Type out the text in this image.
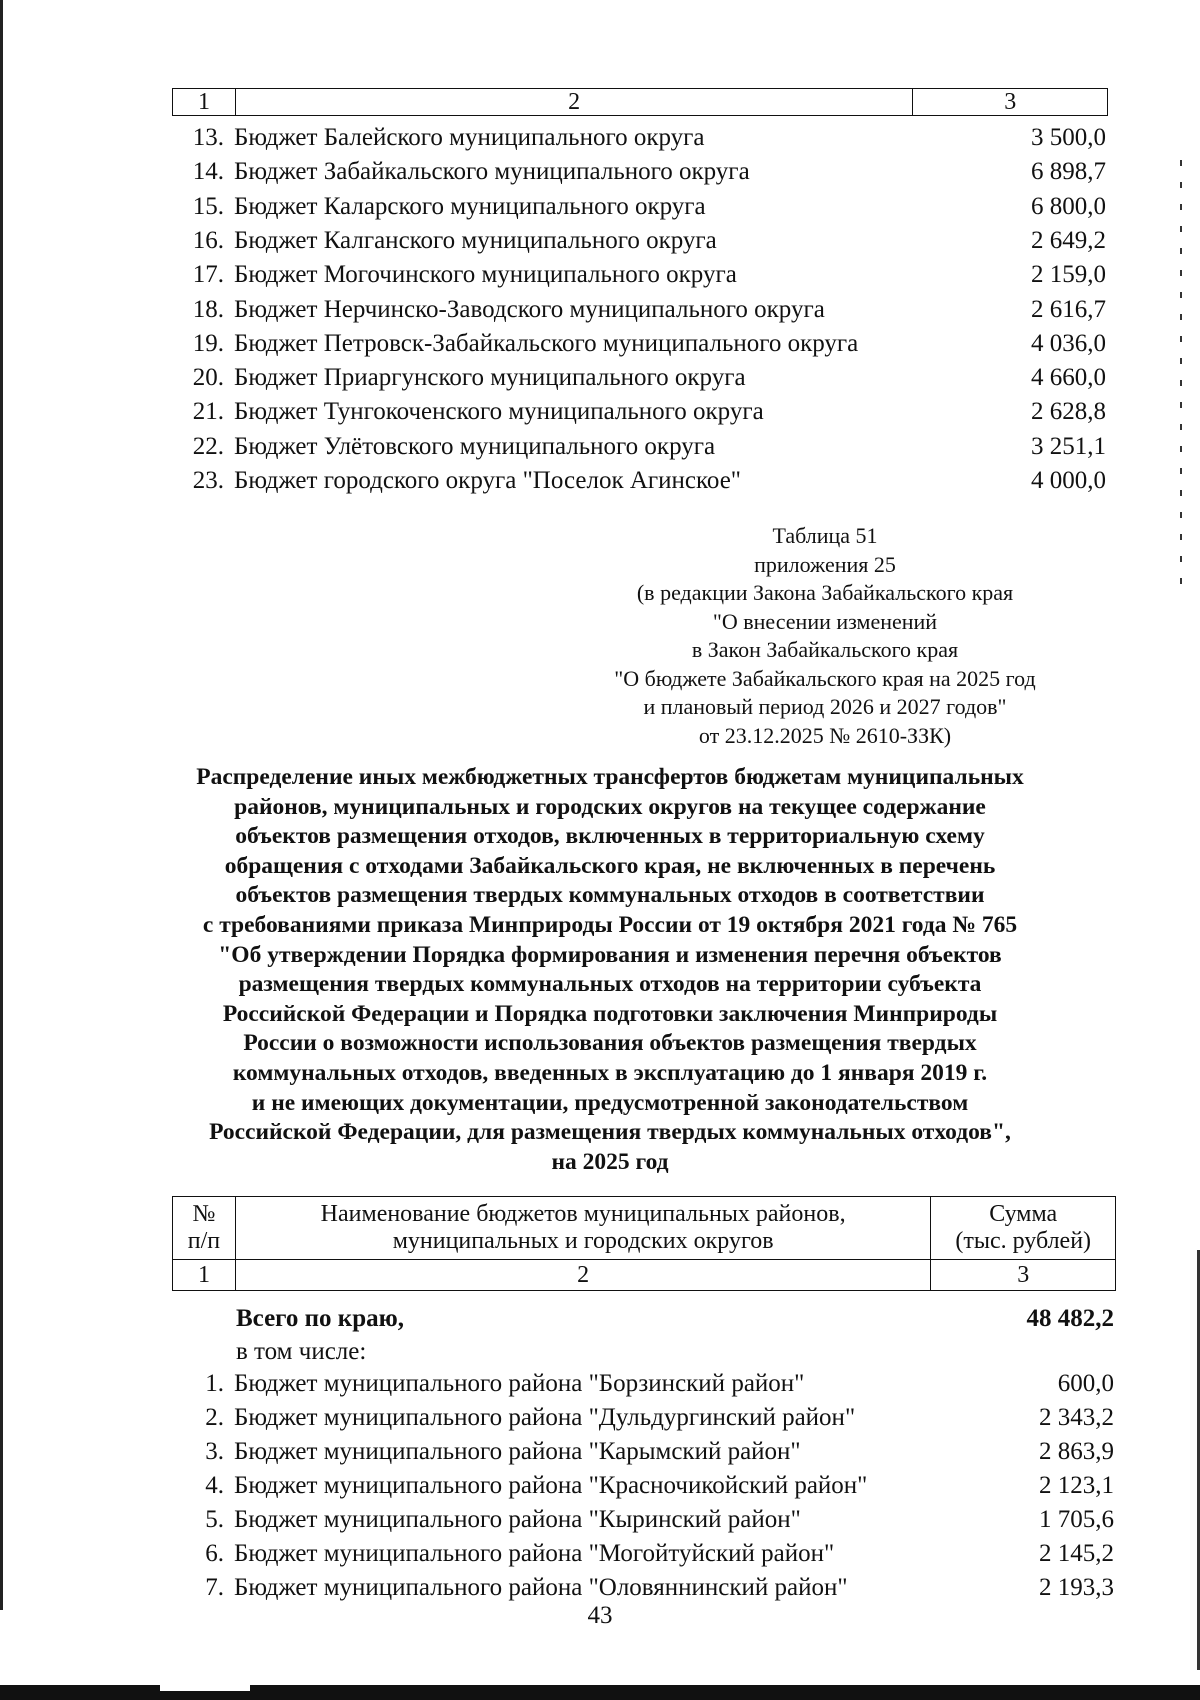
1	2	3
13. Бюджет Балейского муниципального округа	3 500,0
14. Бюджет Забайкальского муниципального округа	6 898,7
15. Бюджет Каларского муниципального округа	6 800,0
16. Бюджет Калганского муниципального округа	2 649,2
17. Бюджет Могочинского муниципального округа	2 159,0
18. Бюджет Нерчинско-Заводского муниципального округа	2 616,7
19. Бюджет Петровск-Забайкальского муниципального округа	4 036,0
20. Бюджет Приаргунского муниципального округа	4 660,0
21. Бюджет Тунгокоченского муниципального округа	2 628,8
22. Бюджет Улётовского муниципального округа	3 251,1
23. Бюджет городского округа "Поселок Агинское"	4 000,0
Таблица 51
приложения 25
(в редакции Закона Забайкальского края
"О внесении изменений
в Закон Забайкальского края
"О бюджете Забайкальского края на 2025 год
и плановый период 2026 и 2027 годов"
от 23.12.2025 № 2610-ЗЗК)
Распределение иных межбюджетных трансфертов бюджетам муниципальных
районов, муниципальных и городских округов на текущее содержание
объектов размещения отходов, включенных в территориальную схему
обращения с отходами Забайкальского края, не включенных в перечень
объектов размещения твердых коммунальных отходов в соответствии
с требованиями приказа Минприроды России от 19 октября 2021 года № 765
"Об утверждении Порядка формирования и изменения перечня объектов
размещения твердых коммунальных отходов на территории субъекта
Российской Федерации и Порядка подготовки заключения Минприроды
России о возможности использования объектов размещения твердых
коммунальных отходов, введенных в эксплуатацию до 1 января 2019 г.
и не имеющих документации, предусмотренной законодательством
Российской Федерации, для размещения твердых коммунальных отходов",
на 2025 год
№
п/п
Наименование бюджетов муниципальных районов,
муниципальных и городских округов
Сумма
(тыс. рублей)
1	2	3
Всего по краю,	48 482,2
в том числе:
1. Бюджет муниципального района "Борзинский район"	600,0
2. Бюджет муниципального района "Дульдургинский район"	2 343,2
3. Бюджет муниципального района "Карымский район"	2 863,9
4. Бюджет муниципального района "Красночикойский район"	2 123,1
5. Бюджет муниципального района "Кыринский район"	1 705,6
6. Бюджет муниципального района "Могойтуйский район"	2 145,2
7. Бюджет муниципального района "Оловяннинский район"	2 193,3
43
